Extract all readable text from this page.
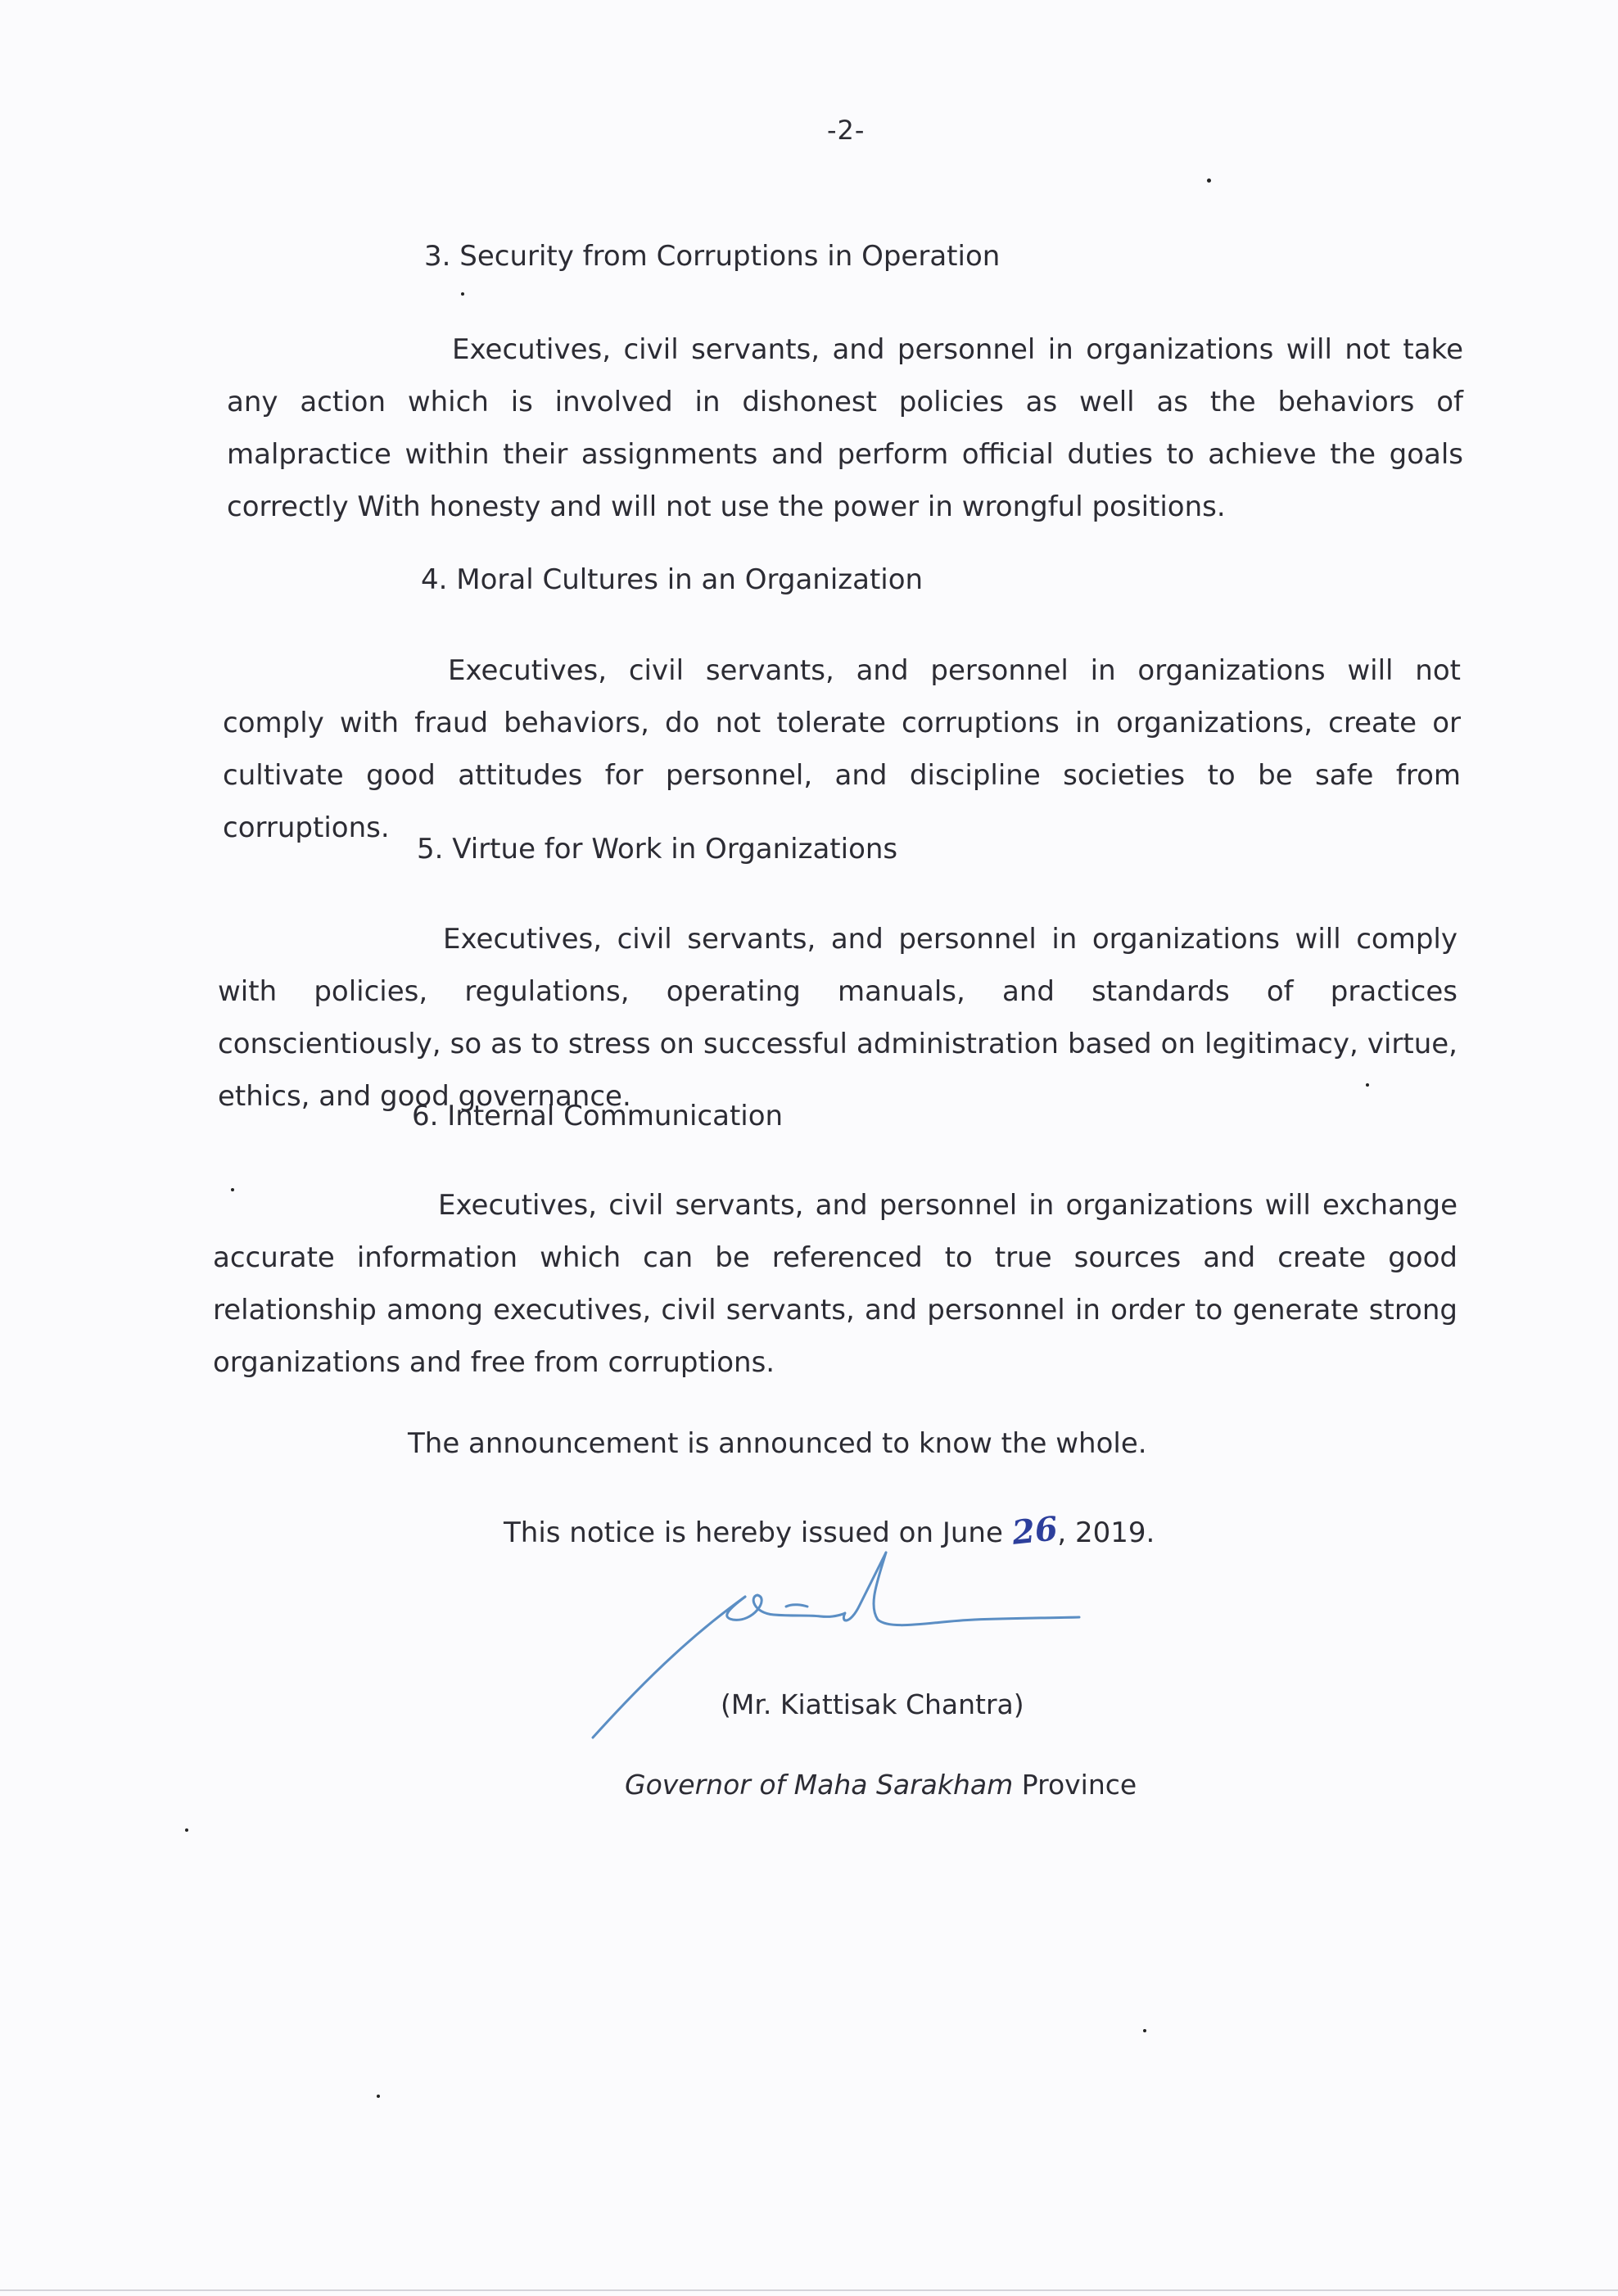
-2-
3. Security from Corruptions in Operation
Executives, civil servants, and personnel in organizations will not take any action which is involved in dishonest policies as well as the behaviors of malpractice within their assignments and perform official duties to achieve the goals correctly With honesty and will not use the power in wrongful positions.
4. Moral Cultures in an Organization
Executives, civil servants, and personnel in organizations will not comply with fraud behaviors, do not tolerate corruptions in organizations, create or cultivate good attitudes for personnel, and discipline societies to be safe from corruptions.
5. Virtue for Work in Organizations
Executives, civil servants, and personnel in organizations will comply with policies, regulations, operating manuals, and standards of practices conscientiously, so as to stress on successful administration based on legitimacy, virtue, ethics, and good governance.
6. Internal Communication
Executives, civil servants, and personnel in organizations will exchange accurate information which can be referenced to true sources and create good relationship among executives, civil servants, and personnel in order to generate strong organizations and free from corruptions.
The announcement is announced to know the whole.
This notice is hereby issued on June 26, 2019.
(Mr. Kiattisak Chantra)
Governor of Maha Sarakham Province
